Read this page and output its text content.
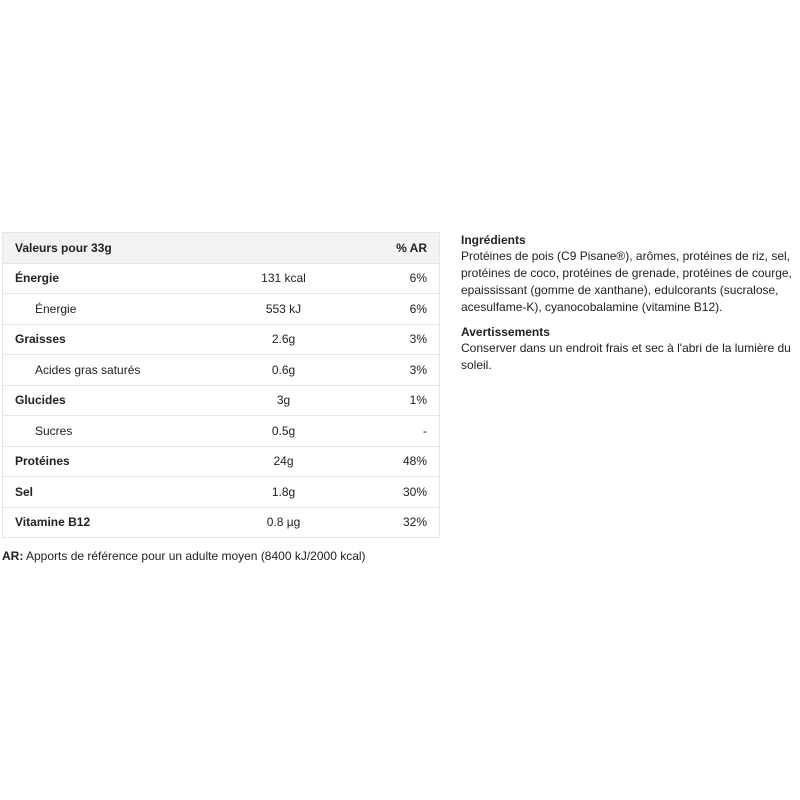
Valeurs pour 33g		% AR
Énergie	131 kcal	6%
Énergie	553 kJ	6%
Graisses	2.6g	3%
Acides gras saturés	0.6g	3%
Glucides	3g	1%
Sucres	0.5g	-
Protéines	24g	48%
Sel	1.8g	30%
Vitamine B12	0.8 µg	32%
AR: Apports de référence pour un adulte moyen (8400 kJ/2000 kcal)
Ingrédients

Protéines de pois (C9 Pisane®), arômes, protéines de riz, sel,
protéines de coco, protéines de grenade, protéines de courge,
epaississant (gomme de xanthane), edulcorants (sucralose,
acesulfame-K), cyanocobalamine (vitamine B12).

Avertissements

Conserver dans un endroit frais et sec à l'abri de la lumière du soleil.
